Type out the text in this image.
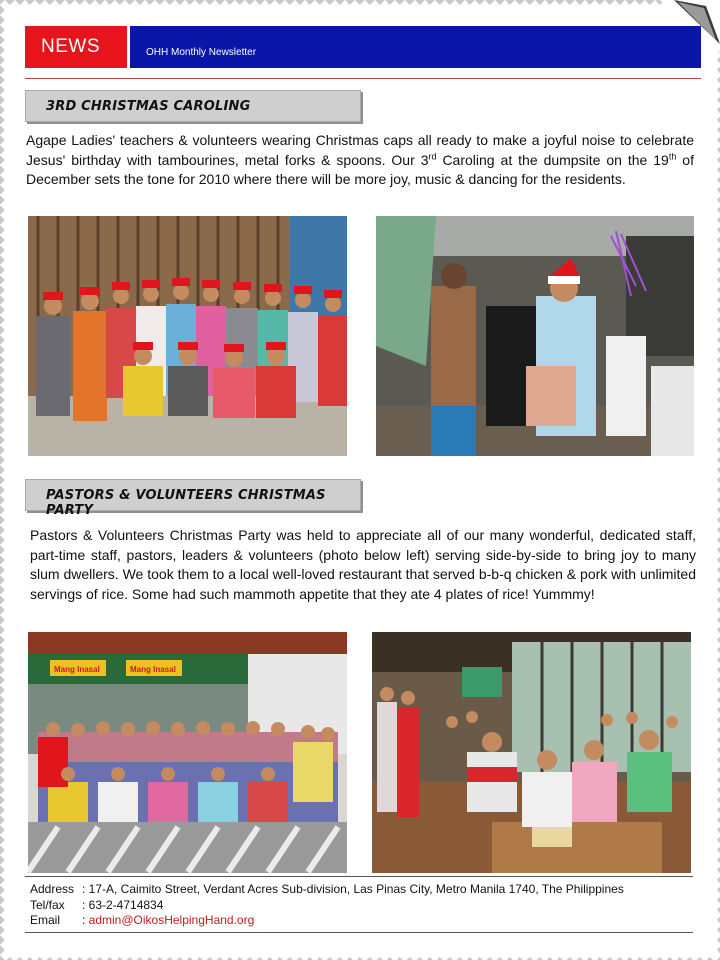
NEWS	OHH Monthly Newsletter
3RD CHRISTMAS CAROLING

Agape Ladies' teachers & volunteers wearing Christmas caps all ready to make a joyful noise to celebrate Jesus' birthday with tambourines, metal forks & spoons. Our 3rd Caroling at the dumpsite on the 19th of December sets the tone for 2010 where there will be more joy, music & dancing for the residents.

PASTORS & VOLUNTEERS CHRISTMAS PARTY

Pastors & Volunteers Christmas Party was held to appreciate all of our many wonderful, dedicated staff, part-time staff, pastors, leaders & volunteers (photo below left) serving side-by-side to bring joy to many slum dwellers. We took them to a local well-loved restaurant that served b-b-q chicken & pork with unlimited servings of rice. Some had such mammoth appetite that they ate 4 plates of rice! Yummmy!

Mang Inasal	Mang Inasal
Address : 17-A, Caimito Street, Verdant Acres Sub-division, Las Pinas City, Metro Manila 1740, The Philippines
Tel/fax : 63-2-4714834
Email : admin@OikosHelpingHand.org
